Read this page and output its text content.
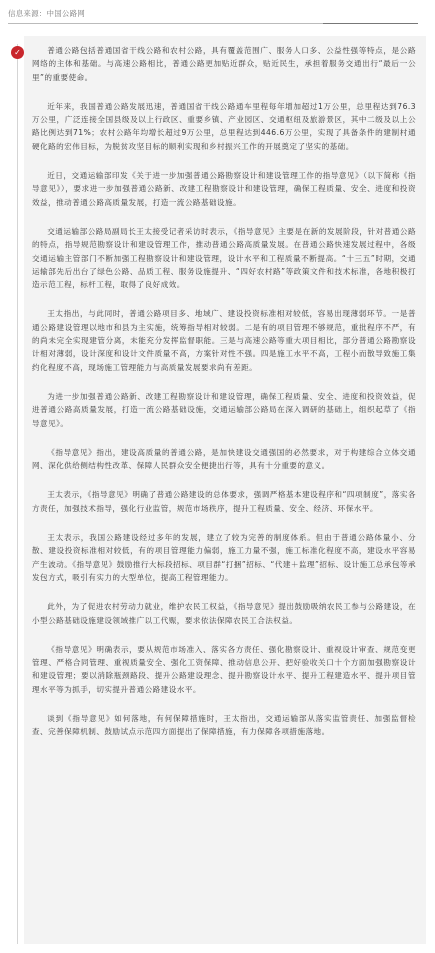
信息来源：中国公路网
✓	普通公路包括普通国省干线公路和农村公路，具有覆盖范围广、服务人口多、公益性强等特点，是公路网络的主体和基础。与高速公路相比，普通公路更加贴近群众，贴近民生，承担着服务交通出行“最后一公里”的重要使命。

近年来，我国普通公路发展迅速，普通国省干线公路通车里程每年增加超过1万公里，总里程达到76.3万公里，广泛连接全国县级及以上行政区、重要乡镇、产业园区、交通枢纽及旅游景区，其中二级及以上公路比例达到71%；农村公路年均增长超过9万公里，总里程达到446.6万公里，实现了具备条件的建制村通硬化路的宏伟目标，为脱贫攻坚目标的顺利实现和乡村振兴工作的开展奠定了坚实的基础。

近日，交通运输部印发《关于进一步加强普通公路勘察设计和建设管理工作的指导意见》（以下简称《指导意见》），要求进一步加强普通公路新、改建工程勘察设计和建设管理，确保工程质量、安全、进度和投资效益，推动普通公路高质量发展，打造一流公路基础设施。

交通运输部公路局副局长王太接受记者采访时表示，《指导意见》主要是在新的发展阶段，针对普通公路的特点，指导规范勘察设计和建设管理工作，推动普通公路高质量发展。在普通公路快速发展过程中，各级交通运输主管部门不断加强工程勘察设计和建设管理，设计水平和工程质量不断提高。“十三五”时期，交通运输部先后出台了绿色公路、品质工程、服务设施提升、“四好农村路”等政策文件和技术标准，各地积极打造示范工程，标杆工程，取得了良好成效。

王太指出，与此同时，普通公路项目多、地域广、建设投资标准相对较低，容易出现薄弱环节。一是普通公路建设管理以地市和县为主实施，统筹指导相对较弱。二是有的项目管理不够规范，重批程序不严，有的尚未完全实现建管分离，未能充分发挥监督职能。三是与高速公路等重大项目相比，部分普通公路勘察设计相对薄弱，设计深度和设计文件质量不高，方案针对性不强。四是施工水平不高，工程小而散导致施工集约化程度不高，现场施工管理能力与高质量发展要求尚有差距。

为进一步加强普通公路新、改建工程勘察设计和建设管理，确保工程质量、安全、进度和投资效益，促进普通公路高质量发展，打造一流公路基础设施，交通运输部公路局在深入调研的基础上，组织起草了《指导意见》。

《指导意见》指出，建设高质量的普通公路，是加快建设交通强国的必然要求，对于构建综合立体交通网、深化供给侧结构性改革、保障人民群众安全便捷出行等，具有十分重要的意义。

王太表示，《指导意见》明确了普通公路建设的总体要求，强调严格基本建设程序和“四项制度”，落实各方责任，加强技术指导，强化行业监管，规范市场秩序，提升工程质量、安全、经济、环保水平。

王太表示，我国公路建设经过多年的发展，建立了较为完善的制度体系。但由于普通公路体量小、分散、建设投资标准相对较低，有的项目管理能力偏弱，施工力量不强，施工标准化程度不高，建设水平容易产生波动。《指导意见》鼓励推行大标段招标、项目群“打捆”招标、“代建＋监理”招标、设计施工总承包等承发包方式，吸引有实力的大型单位，提高工程管理能力。

此外，为了促进农村劳动力就业，维护农民工权益，《指导意见》提出鼓励吸纳农民工参与公路建设，在小型公路基础设施建设领域推广以工代赈，要求依法保障农民工合法权益。

《指导意见》明确表示，要从规范市场准入、落实各方责任、强化勘察设计、重视设计审查、规范变更管理、严格合同管理、重视质量安全、强化工资保障、推动信息公开、把好验收关口十个方面加强勘察设计和建设管理；要以消除瓶颈路段、提升公路建设理念、提升勘察设计水平、提升工程建造水平、提升项目管理水平等为抓手，切实提升普通公路建设水平。

谈到《指导意见》如何落地，有何保障措施时，王太指出，交通运输部从落实监管责任、加强监督检查、完善保障机制、鼓励试点示范四方面提出了保障措施，有力保障各项措施落地。
